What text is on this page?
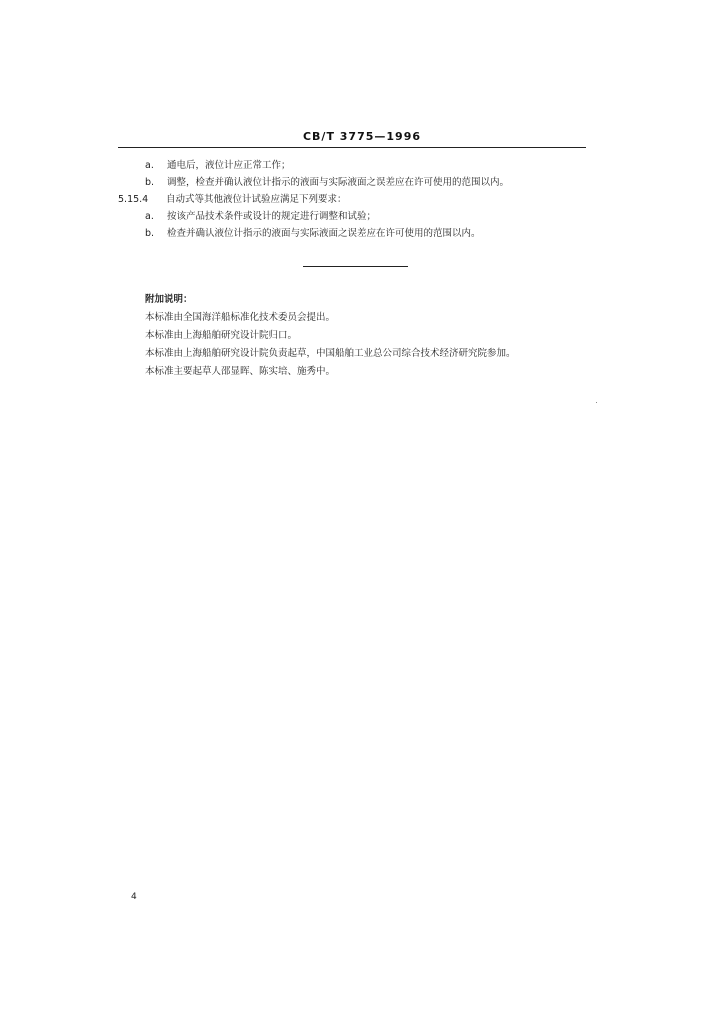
CB/T 3775—1996
a. 通电后，液位计应正常工作；
b. 调整，检查并确认液位计指示的液面与实际液面之误差应在许可使用的范围以内。
5.15.4 自动式等其他液位计试验应满足下列要求：
a. 按该产品技术条件或设计的规定进行调整和试验；
b. 检查并确认液位计指示的液面与实际液面之误差应在许可使用的范围以内。
附加说明：
本标准由全国海洋船标准化技术委员会提出。
本标准由上海船舶研究设计院归口。
本标准由上海船舶研究设计院负责起草，中国船舶工业总公司综合技术经济研究院参加。
本标准主要起草人邵显晖、陈实培、施秀中。
4
